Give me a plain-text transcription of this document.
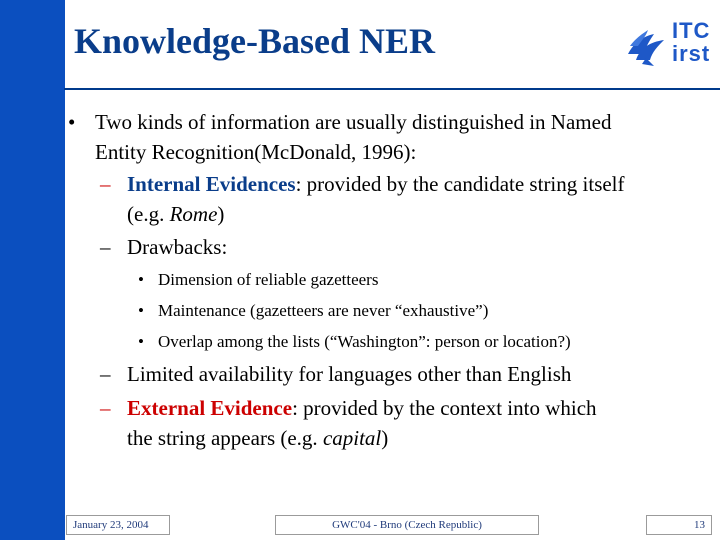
Knowledge-Based NER	ITC
irst
• Two kinds of information are usually distinguished in Named
Entity Recognition(McDonald, 1996):
– Internal Evidences: provided by the candidate string itself
(e.g. Rome)
– Drawbacks:
• Dimension of reliable gazetteers
• Maintenance (gazetteers are never “exhaustive”)
• Overlap among the lists (“Washington”: person or location?)
– Limited availability for languages other than English
– External Evidence: provided by the context into which
the string appears (e.g. capital)
January 23, 2004	GWC'04 - Brno (Czech Republic)	13
